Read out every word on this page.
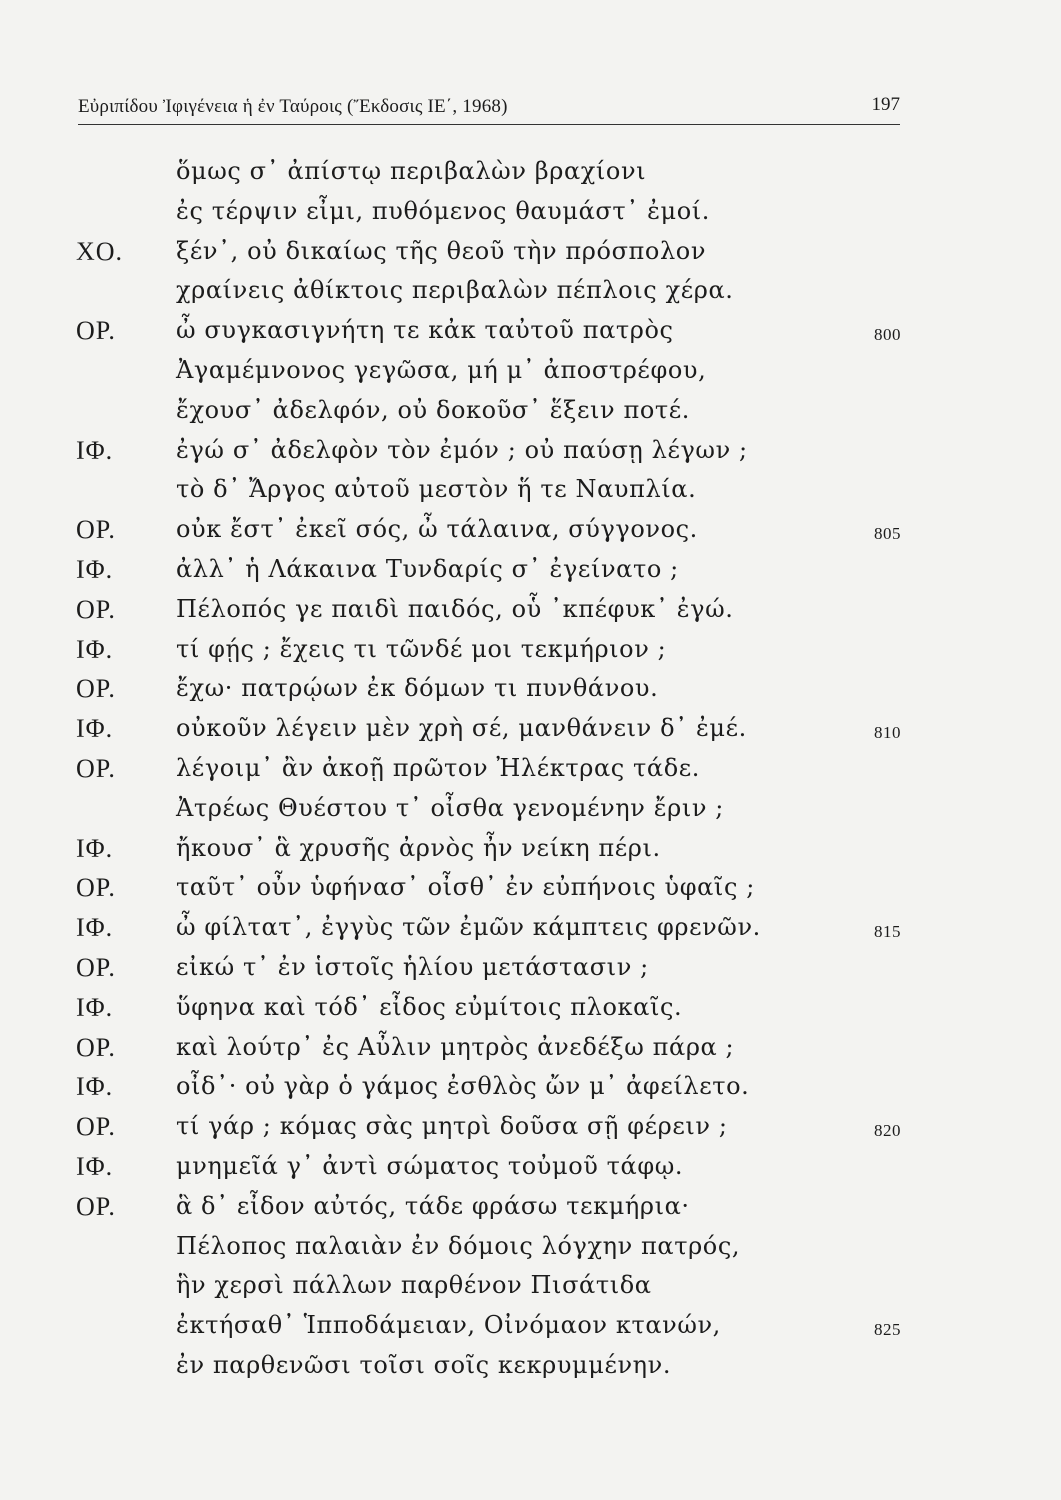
Εὐριπίδου Ἰφιγένεια ἡ ἐν Ταύροις (Ἔκδοσις ΙΕ΄, 1968)	197
ὅμως σ᾽ ἀπίστῳ περιβαλὼν βραχίονι
ἐς τέρψιν εἶμι, πυθόμενος θαυμάστ᾽ ἐμοί.
ΧΟ. ξέν᾽, οὐ δικαίως τῆς θεοῦ τὴν πρόσπολον
χραίνεις ἀθίκτοις περιβαλὼν πέπλοις χέρα.
ΟΡ.	ὦ συγκασιγνήτη τε κἀκ ταὐτοῦ πατρὸς	800
Ἀγαμέμνονος γεγῶσα, μή μ᾽ ἀποστρέφου,
ἔχουσ᾽ ἀδελφόν, οὐ δοκοῦσ᾽ ἕξειν ποτέ.
ΙΦ.	ἐγώ σ᾽ ἀδελφὸν τὸν ἐμόν ; οὐ παύσῃ λέγων ;
τὸ δ᾽ Ἄργος αὐτοῦ μεστὸν ἥ τε Ναυπλία.
ΟΡ.	οὐκ ἔστ᾽ ἐκεῖ σός, ὦ τάλαινα, σύγγονος.	805
ΙΦ.	ἀλλ᾽ ἡ Λάκαινα Τυνδαρίς σ᾽ ἐγείνατο ;
ΟΡ.	Πέλοπός γε παιδὶ παιδός, οὗ ᾽κπέφυκ᾽ ἐγώ.
ΙΦ.	τί φῄς ; ἔχεις τι τῶνδέ μοι τεκμήριον ;
ΟΡ.	ἔχω· πατρῴων ἐκ δόμων τι πυνθάνου.
ΙΦ.	οὐκοῦν λέγειν μὲν χρὴ σέ, μανθάνειν δ᾽ ἐμέ.	810
ΟΡ.	λέγοιμ᾽ ἂν ἀκοῇ πρῶτον Ἠλέκτρας τάδε.
Ἀτρέως Θυέστου τ᾽ οἶσθα γενομένην ἔριν ;
ΙΦ.	ἤκουσ᾽ ἃ χρυσῆς ἀρνὸς ἦν νείκη πέρι.
ΟΡ.	ταῦτ᾽ οὖν ὑφήνασ᾽ οἶσθ᾽ ἐν εὐπήνοις ὑφαῖς ;
ΙΦ.	ὦ φίλτατ᾽, ἐγγὺς τῶν ἐμῶν κάμπτεις φρενῶν.	815
ΟΡ.	εἰκώ τ᾽ ἐν ἱστοῖς ἡλίου μετάστασιν ;
ΙΦ.	ὕφηνα καὶ τόδ᾽ εἶδος εὐμίτοις πλοκαῖς.
ΟΡ.	καὶ λούτρ᾽ ἐς Αὖλιν μητρὸς ἀνεδέξω πάρα ;
ΙΦ.	οἶδ᾽· οὐ γὰρ ὁ γάμος ἐσθλὸς ὤν μ᾽ ἀφείλετο.
ΟΡ.	τί γάρ ; κόμας σὰς μητρὶ δοῦσα σῇ φέρειν ;	820
ΙΦ.	μνημεῖά γ᾽ ἀντὶ σώματος τοὐμοῦ τάφῳ.
ΟΡ.	ἃ δ᾽ εἶδον αὐτός, τάδε φράσω τεκμήρια·
Πέλοπος παλαιὰν ἐν δόμοις λόγχην πατρός,
ἣν χερσὶ πάλλων παρθένον Πισάτιδα
ἐκτήσαθ᾽ Ἱπποδάμειαν, Οἰνόμαον κτανών,	825
ἐν παρθενῶσι τοῖσι σοῖς κεκρυμμένην.
